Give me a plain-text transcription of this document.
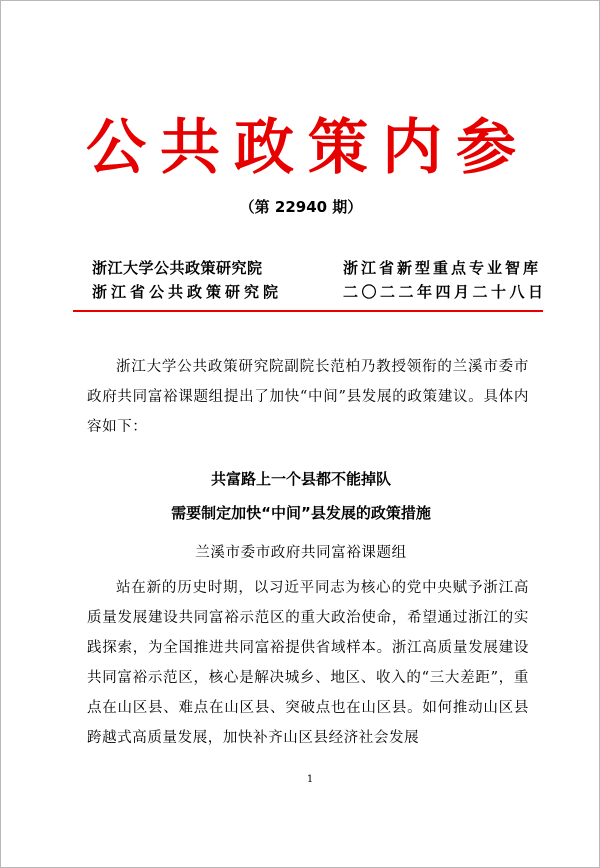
公共政策内参
（第 22940 期）
浙江大学公共政策研究院
浙江省公共政策研究院
浙江省新型重点专业智库
二〇二二年四月二十八日

浙江大学公共政策研究院副院长范柏乃教授领衔的兰溪市委市政府共同富裕课题组提出了加快“中间”县发展的政策建议。具体内容如下：

共富路上一个县都不能掉队
需要制定加快“中间”县发展的政策措施
兰溪市委市政府共同富裕课题组

站在新的历史时期，以习近平同志为核心的党中央赋予浙江高质量发展建设共同富裕示范区的重大政治使命，希望通过浙江的实践探索，为全国推进共同富裕提供省域样本。浙江高质量发展建设共同富裕示范区，核心是解决城乡、地区、收入的“三大差距”，重点在山区县、难点在山区县、突破点也在山区县。如何推动山区县跨越式高质量发展，加快补齐山区县经济社会发展

1
